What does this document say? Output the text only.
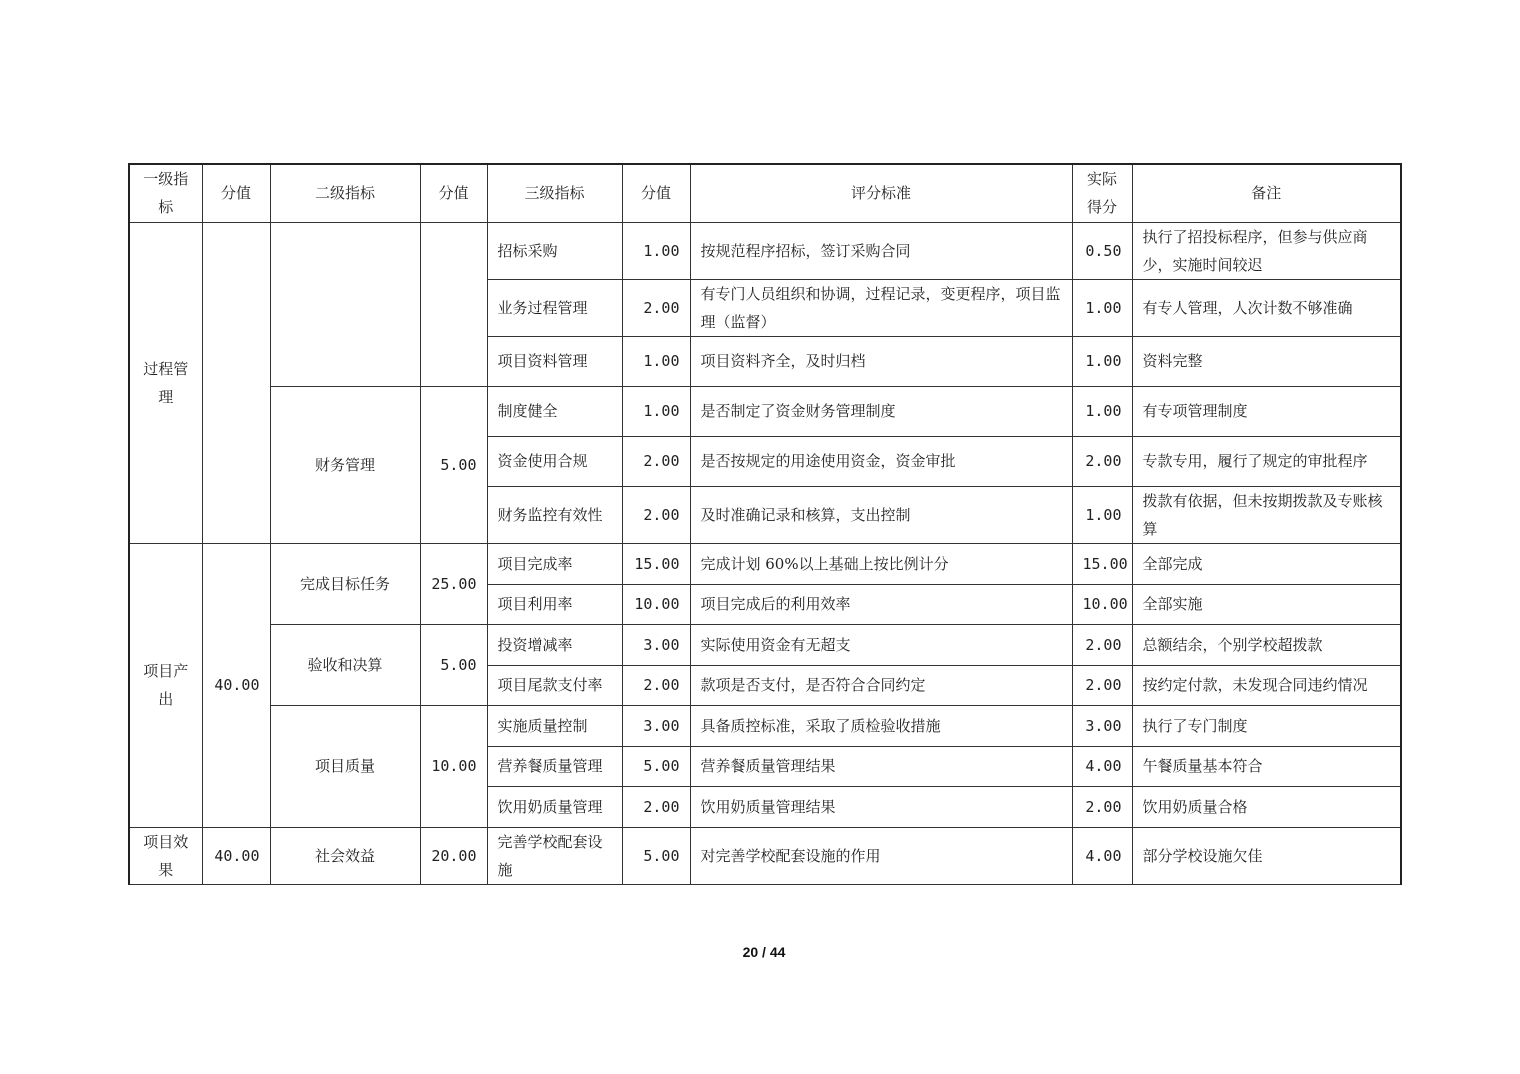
一级指标	分值	二级指标	分值	三级指标	分值	评分标准	实际得分	备注
过程管理				招标采购	1.00	按规范程序招标，签订采购合同	0.50	执行了招投标程序，但参与供应商少，实施时间较迟
				业务过程管理	2.00	有专门人员组织和协调，过程记录，变更程序，项目监理（监督）	1.00	有专人管理，人次计数不够准确
				项目资料管理	1.00	项目资料齐全，及时归档	1.00	资料完整
		财务管理	5.00	制度健全	1.00	是否制定了资金财务管理制度	1.00	有专项管理制度
				资金使用合规	2.00	是否按规定的用途使用资金，资金审批	2.00	专款专用，履行了规定的审批程序
				财务监控有效性	2.00	及时准确记录和核算，支出控制	1.00	拨款有依据，但未按期拨款及专账核算
项目产出	40.00	完成目标任务	25.00	项目完成率	15.00	完成计划 60%以上基础上按比例计分	15.00	全部完成
				项目利用率	10.00	项目完成后的利用效率	10.00	全部实施
		验收和决算	5.00	投资增减率	3.00	实际使用资金有无超支	2.00	总额结余，个别学校超拨款
				项目尾款支付率	2.00	款项是否支付，是否符合合同约定	2.00	按约定付款，未发现合同违约情况
		项目质量	10.00	实施质量控制	3.00	具备质控标准，采取了质检验收措施	3.00	执行了专门制度
				营养餐质量管理	5.00	营养餐质量管理结果	4.00	午餐质量基本符合
				饮用奶质量管理	2.00	饮用奶质量管理结果	2.00	饮用奶质量合格
项目效果	40.00	社会效益	20.00	完善学校配套设施	5.00	对完善学校配套设施的作用	4.00	部分学校设施欠佳
20 / 44
